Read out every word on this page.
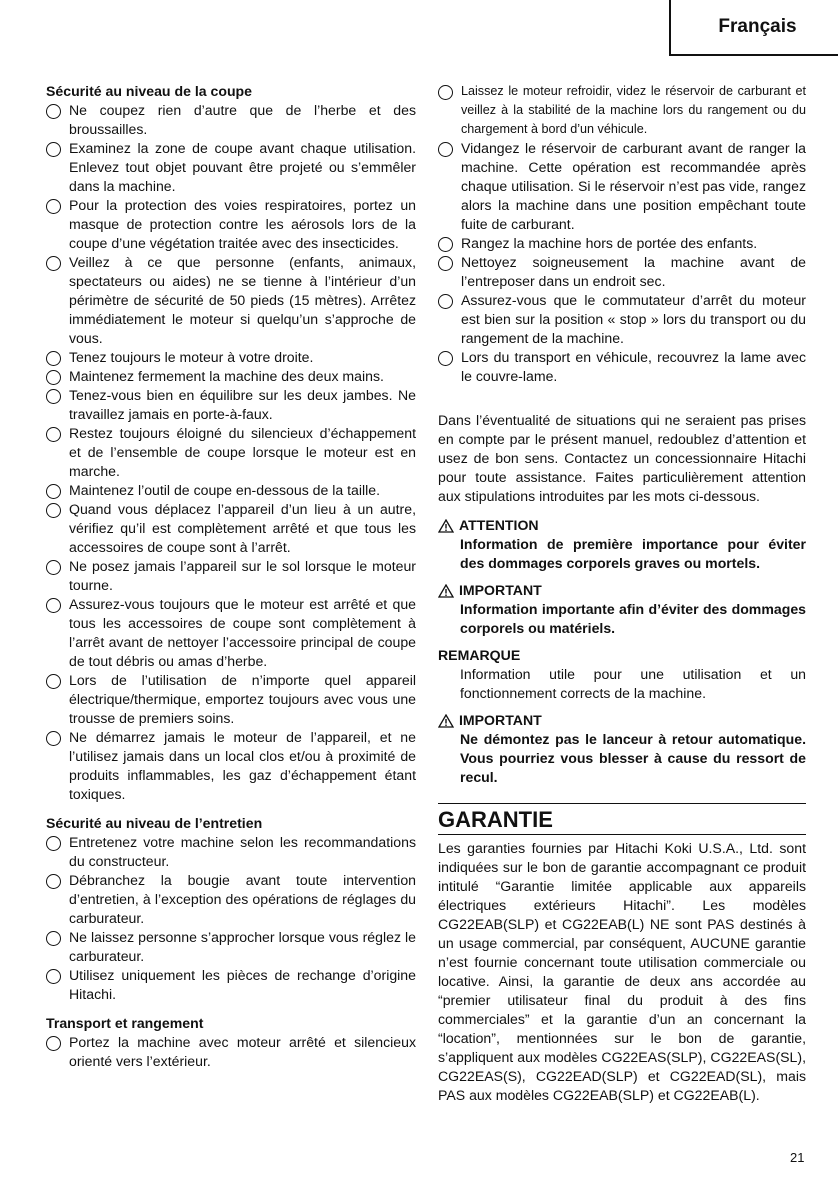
Français
Sécurité au niveau de la coupe
Ne coupez rien d’autre que de l’herbe et des broussailles.
Examinez la zone de coupe avant chaque utilisation. Enlevez tout objet pouvant être projeté ou s’emmêler dans la machine.
Pour la protection des voies respiratoires, portez un masque de protection contre les aérosols lors de la coupe d’une végétation traitée avec des insecticides.
Veillez à ce que personne (enfants, animaux, spectateurs ou aides) ne se tienne à l’intérieur d’un périmètre de sécurité de 50 pieds (15 mètres). Arrêtez immédiatement le moteur si quelqu’un s’approche de vous.
Tenez toujours le moteur à votre droite.
Maintenez fermement la machine des deux mains.
Tenez-vous bien en équilibre sur les deux jambes. Ne travaillez jamais en porte-à-faux.
Restez toujours éloigné du silencieux d’échappement et de l’ensemble de coupe lorsque le moteur est en marche.
Maintenez l’outil de coupe en-dessous de la taille.
Quand vous déplacez l’appareil d’un lieu à un autre, vérifiez qu’il est complètement arrêté et que tous les accessoires de coupe sont à l’arrêt.
Ne posez jamais l’appareil sur le sol lorsque le moteur tourne.
Assurez-vous toujours que le moteur est arrêté et que tous les accessoires de coupe sont complètement à l’arrêt avant de nettoyer l’accessoire principal de coupe de tout débris ou amas d’herbe.
Lors de l’utilisation de n’importe quel appareil électrique/thermique, emportez toujours avec vous une trousse de premiers soins.
Ne démarrez jamais le moteur de l’appareil, et ne l’utilisez jamais dans un local clos et/ou à proximité de produits inflammables, les gaz d’échappement étant toxiques.
Sécurité au niveau de l’entretien
Entretenez votre machine selon les recommandations du constructeur.
Débranchez la bougie avant toute intervention d’entretien, à l’exception des opérations de réglages du carburateur.
Ne laissez personne s’approcher lorsque vous réglez le carburateur.
Utilisez uniquement les pièces de rechange d’origine Hitachi.
Transport et rangement
Portez la machine avec moteur arrêté et silencieux orienté vers l’extérieur.
Laissez le moteur refroidir, videz le réservoir de carburant et veillez à la stabilité de la machine lors du rangement ou du chargement à bord d’un véhicule.
Vidangez le réservoir de carburant avant de ranger la machine. Cette opération est recommandée après chaque utilisation. Si le réservoir n’est pas vide, rangez alors la machine dans une position empêchant toute fuite de carburant.
Rangez la machine hors de portée des enfants.
Nettoyez soigneusement la machine avant de l’entreposer dans un endroit sec.
Assurez-vous que le commutateur d’arrêt du moteur est bien sur la position « stop » lors du transport ou du rangement de la machine.
Lors du transport en véhicule, recouvrez la lame avec le couvre-lame.

Dans l’éventualité de situations qui ne seraient pas prises en compte par le présent manuel, redoublez d’attention et usez de bon sens. Contactez un concessionnaire Hitachi pour toute assistance. Faites particulièrement attention aux stipulations introduites par les mots ci-dessous.

ATTENTION
Information de première importance pour éviter des dommages corporels graves ou mortels.
IMPORTANT
Information importante afin d’éviter des dommages corporels ou matériels.
REMARQUE
Information utile pour une utilisation et un fonctionnement corrects de la machine.
IMPORTANT
Ne démontez pas le lanceur à retour automatique. Vous pourriez vous blesser à cause du ressort de recul.
GARANTIE

Les garanties fournies par Hitachi Koki U.S.A., Ltd. sont indiquées sur le bon de garantie accompagnant ce produit intitulé “Garantie limitée applicable aux appareils électriques extérieurs Hitachi”. Les modèles CG22EAB(SLP) et CG22EAB(L) NE sont PAS destinés à un usage commercial, par conséquent, AUCUNE garantie n’est fournie concernant toute utilisation commerciale ou locative. Ainsi, la garantie de deux ans accordée au “premier utilisateur final du produit à des fins commerciales” et la garantie d’un an concernant la “location”, mentionnées sur le bon de garantie, s’appliquent aux modèles CG22EAS(SLP), CG22EAS(SL), CG22EAS(S), CG22EAD(SLP) et CG22EAD(SL), mais PAS aux modèles CG22EAB(SLP) et CG22EAB(L).

21
